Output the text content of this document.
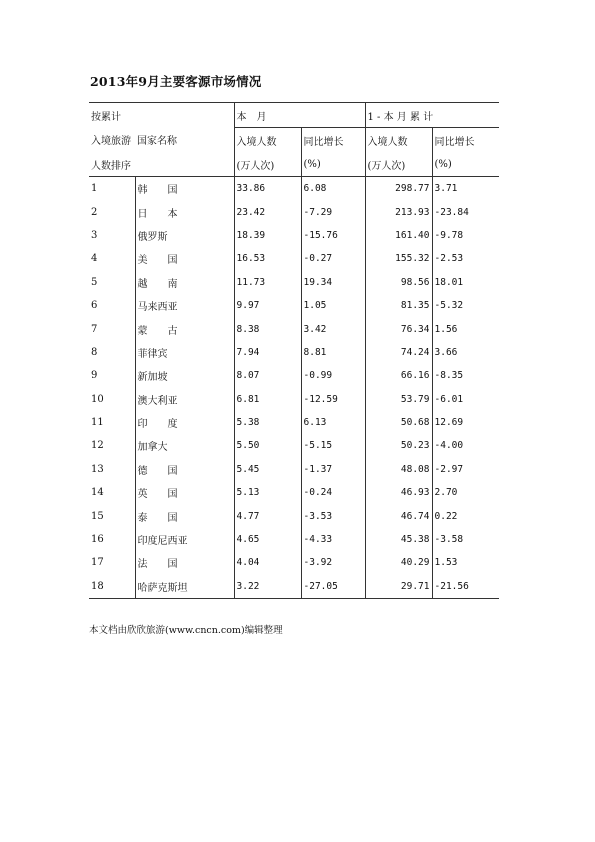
2013年9月主要客源市场情况
按累计		本　月		1 - 本 月 累 计	
入境旅游	国家名称	入境人数	同比增长	入境人数	同比增长
人数排序		(万人次)	(%)	(万人次)	(%)
1	韩　　国	33.86	6.08	298.77	3.71
2	日　　本	23.42	-7.29	213.93	-23.84
3	俄罗斯	18.39	-15.76	161.40	-9.78
4	美　　国	16.53	-0.27	155.32	-2.53
5	越　　南	11.73	19.34	98.56	18.01
6	马来西亚	9.97	1.05	81.35	-5.32
7	蒙　　古	8.38	3.42	76.34	1.56
8	菲律宾	7.94	8.81	74.24	3.66
9	新加坡	8.07	-0.99	66.16	-8.35
10	澳大利亚	6.81	-12.59	53.79	-6.01
11	印　　度	5.38	6.13	50.68	12.69
12	加拿大	5.50	-5.15	50.23	-4.00
13	德　　国	5.45	-1.37	48.08	-2.97
14	英　　国	5.13	-0.24	46.93	2.70
15	泰　　国	4.77	-3.53	46.74	0.22
16	印度尼西亚	4.65	-4.33	45.38	-3.58
17	法　　国	4.04	-3.92	40.29	1.53
18	哈萨克斯坦	3.22	-27.05	29.71	-21.56
本文档由欣欣旅游(www.cncn.com)编辑整理
